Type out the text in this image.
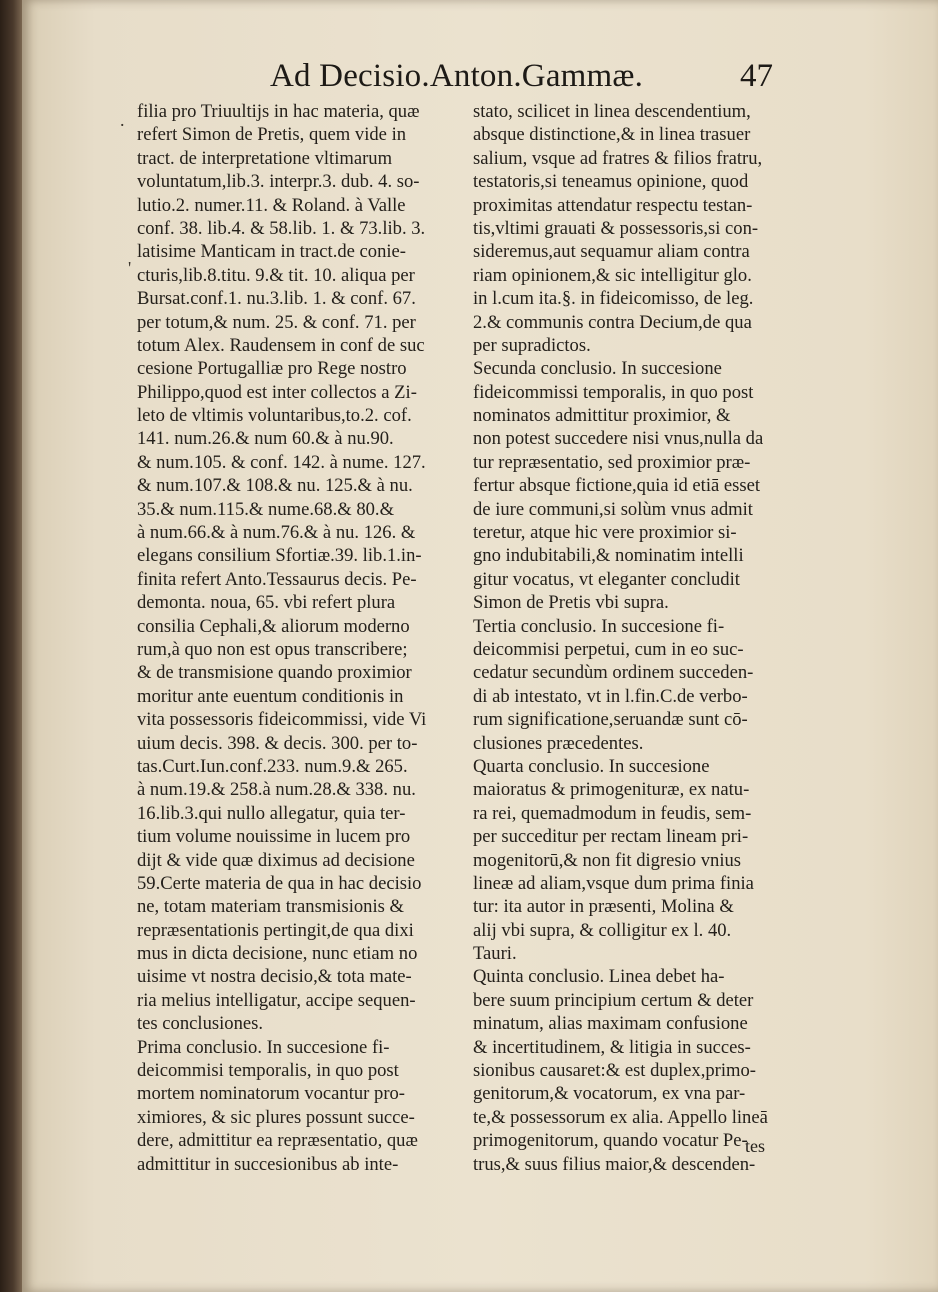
Ad Decisio.Anton.Gammæ.	47
filia pro Triuultijs in hac materia, quæ
refert Simon de Pretis, quem vide in
tract. de interpretatione vltimarum
voluntatum,lib.3. interpr.3. dub. 4. so-
lutio.2. numer.11. & Roland. à Valle
conf. 38. lib.4. & 58.lib. 1. & 73.lib. 3.
latisime Manticam in tract.de conie-
cturis,lib.8.titu. 9.& tit. 10. aliqua per
Bursat.conf.1. nu.3.lib. 1. & conf. 67.
per totum,& num. 25. & conf. 71. per
totum Alex. Raudensem in conf de suc
cesione Portugalliæ pro Rege nostro
Philippo,quod est inter collectos a Zi-
leto de vltimis voluntaribus,to.2. cof.
141. num.26.& num 60.& à nu.90.
& num.105. & conf. 142. à nume. 127.
& num.107.& 108.& nu. 125.& à nu.
35.& num.115.& nume.68.& 80.&
à num.66.& à num.76.& à nu. 126. &
elegans consilium Sfortiæ.39. lib.1.in-
finita refert Anto.Tessaurus decis. Pe-
demonta. noua, 65. vbi refert plura
consilia Cephali,& aliorum moderno
rum,à quo non est opus transcribere;
& de transmisione quando proximior
moritur ante euentum conditionis in
vita possessoris fideicommissi, vide Vi
uium decis. 398. & decis. 300. per to-
tas.Curt.Iun.conf.233. num.9.& 265.
à num.19.& 258.à num.28.& 338. nu.
16.lib.3.qui nullo allegatur, quia ter-
tium volume nouissime in lucem pro
dijt & vide quæ diximus ad decisione
59.Certe materia de qua in hac decisio
ne, totam materiam transmisionis &
repræsentationis pertingit,de qua dixi
mus in dicta decisione, nunc etiam no
uisime vt nostra decisio,& tota mate-
ria melius intelligatur, accipe sequen-
tes conclusiones.
Prima conclusio. In succesione fi-
deicommisi temporalis, in quo post
mortem nominatorum vocantur pro-
ximiores, & sic plures possunt succe-
dere, admittitur ea repræsentatio, quæ
admittitur in succesionibus ab inte-
stato, scilicet in linea descendentium,
absque distinctione,& in linea trasuer
salium, vsque ad fratres & filios fratru,
testatoris,si teneamus opinione, quod
proximitas attendatur respectu testan-
tis,vltimi grauati & possessoris,si con-
sideremus,aut sequamur aliam contra
riam opinionem,& sic intelligitur glo.
in l.cum ita.§. in fideicomisso, de leg.
2.& communis contra Decium,de qua
per supradictos.
Secunda conclusio. In succesione
fideicommissi temporalis, in quo post
nominatos admittitur proximior, &
non potest succedere nisi vnus,nulla da
tur repræsentatio, sed proximior præ-
fertur absque fictione,quia id etiā esset
de iure communi,si solùm vnus admit
teretur, atque hic vere proximior si-
gno indubitabili,& nominatim intelli
gitur vocatus, vt eleganter concludit
Simon de Pretis vbi supra.
Tertia conclusio. In succesione fi-
deicommisi perpetui, cum in eo suc-
cedatur secundùm ordinem succeden-
di ab intestato, vt in l.fin.C.de verbo-
rum significatione,seruandæ sunt cō-
clusiones præcedentes.
Quarta conclusio. In succesione
maioratus & primogenituræ, ex natu-
ra rei, quemadmodum in feudis, sem-
per succeditur per rectam lineam pri-
mogenitorū,& non fit digresio vnius
lineæ ad aliam,vsque dum prima finia
tur: ita autor in præsenti, Molina &
alij vbi supra, & colligitur ex l. 40.
Tauri.
Quinta conclusio. Linea debet ha-
bere suum principium certum & deter
minatum, alias maximam confusione
& incertitudinem, & litigia in succes-
sionibus causaret:& est duplex,primo-
genitorum,& vocatorum, ex vna par-
te,& possessorum ex alia. Appello lineā
primogenitorum, quando vocatur Pe-
trus,& suus filius maior,& descenden-
.
'
tes
